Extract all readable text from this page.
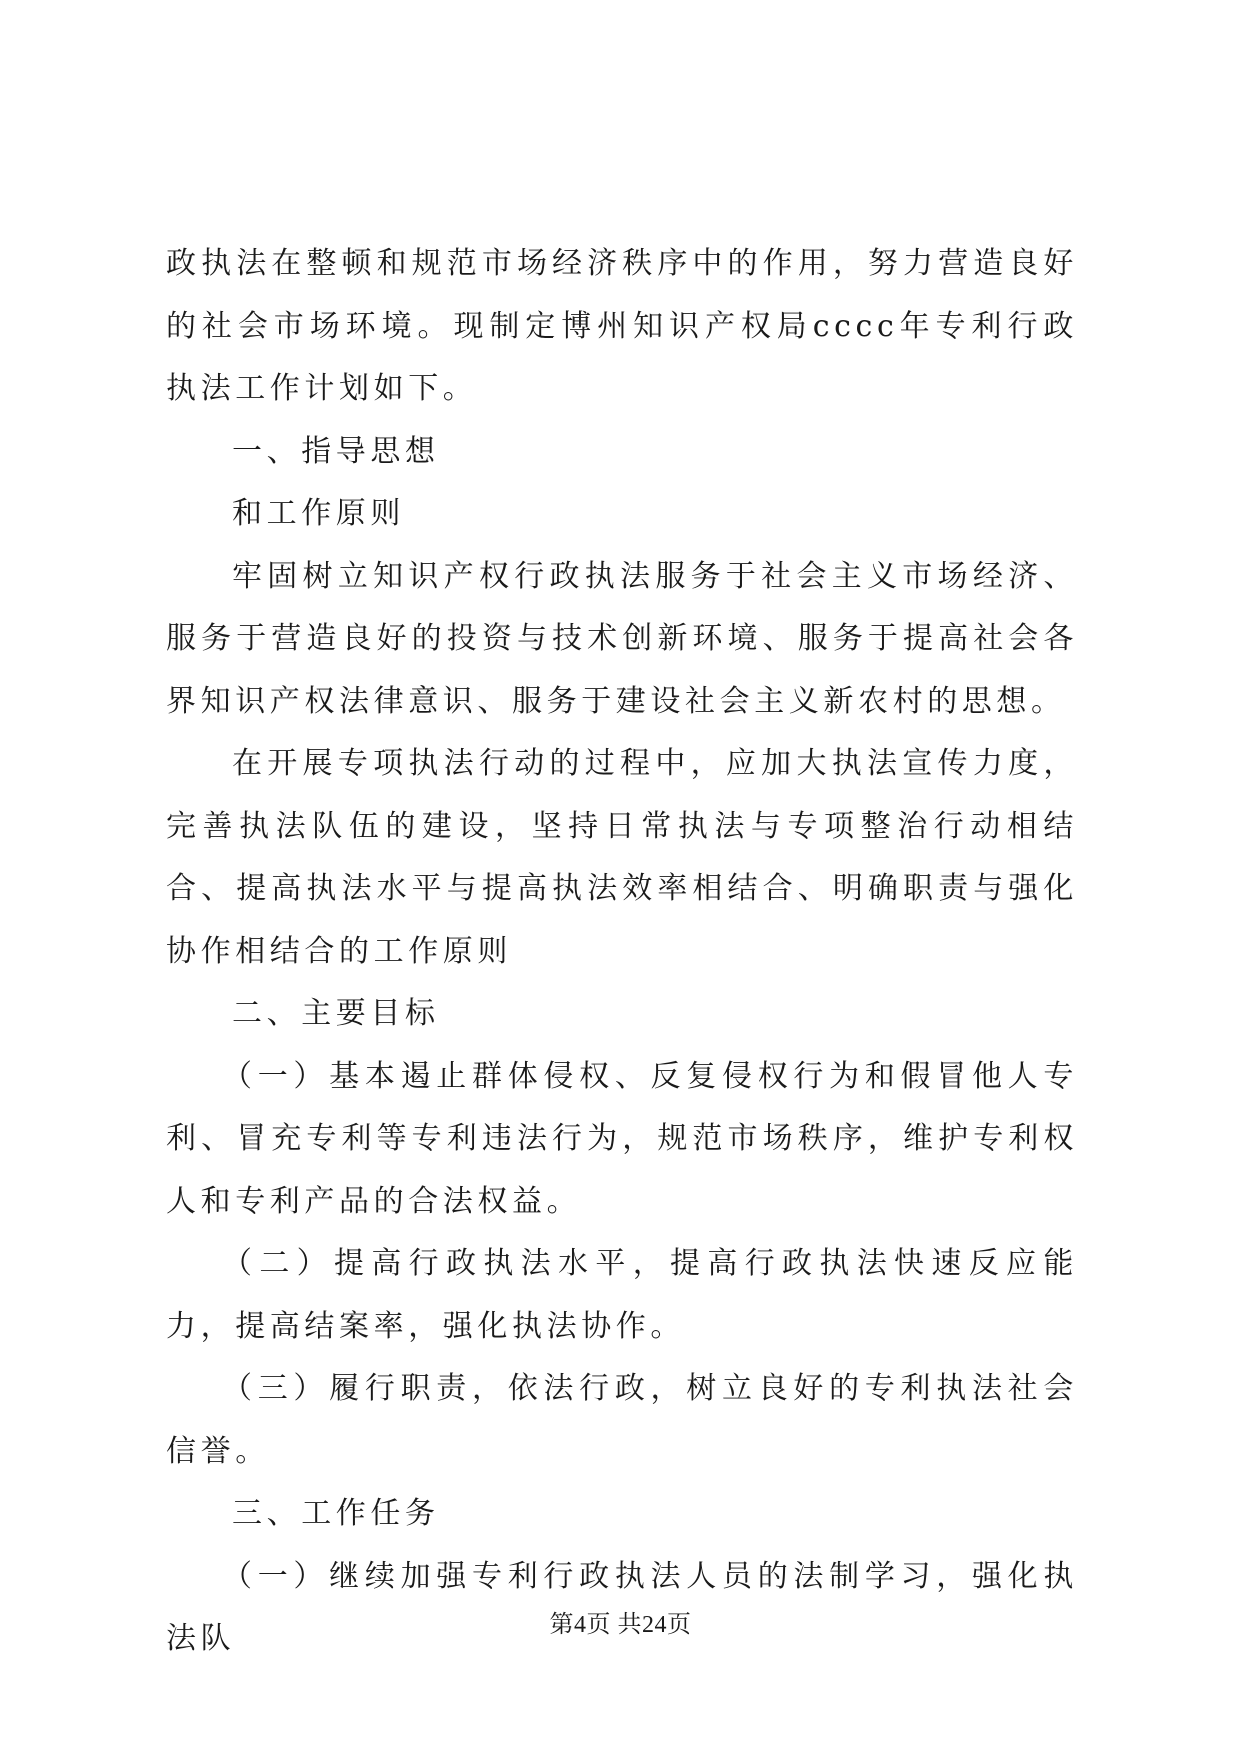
政执法在整顿和规范市场经济秩序中的作用，努力营造良好的社会市场环境。现制定博州知识产权局cccc年专利行政执法工作计划如下。

一、指导思想

和工作原则

牢固树立知识产权行政执法服务于社会主义市场经济、服务于营造良好的投资与技术创新环境、服务于提高社会各界知识产权法律意识、服务于建设社会主义新农村的思想。

在开展专项执法行动的过程中，应加大执法宣传力度，完善执法队伍的建设，坚持日常执法与专项整治行动相结合、提高执法水平与提高执法效率相结合、明确职责与强化协作相结合的工作原则

二、主要目标

（一）基本遏止群体侵权、反复侵权行为和假冒他人专利、冒充专利等专利违法行为，规范市场秩序，维护专利权人和专利产品的合法权益。

（二）提高行政执法水平，提高行政执法快速反应能力，提高结案率，强化执法协作。

（三）履行职责，依法行政，树立良好的专利执法社会信誉。

三、工作任务

（一）继续加强专利行政执法人员的法制学习，强化执法队	第4页 共24页
